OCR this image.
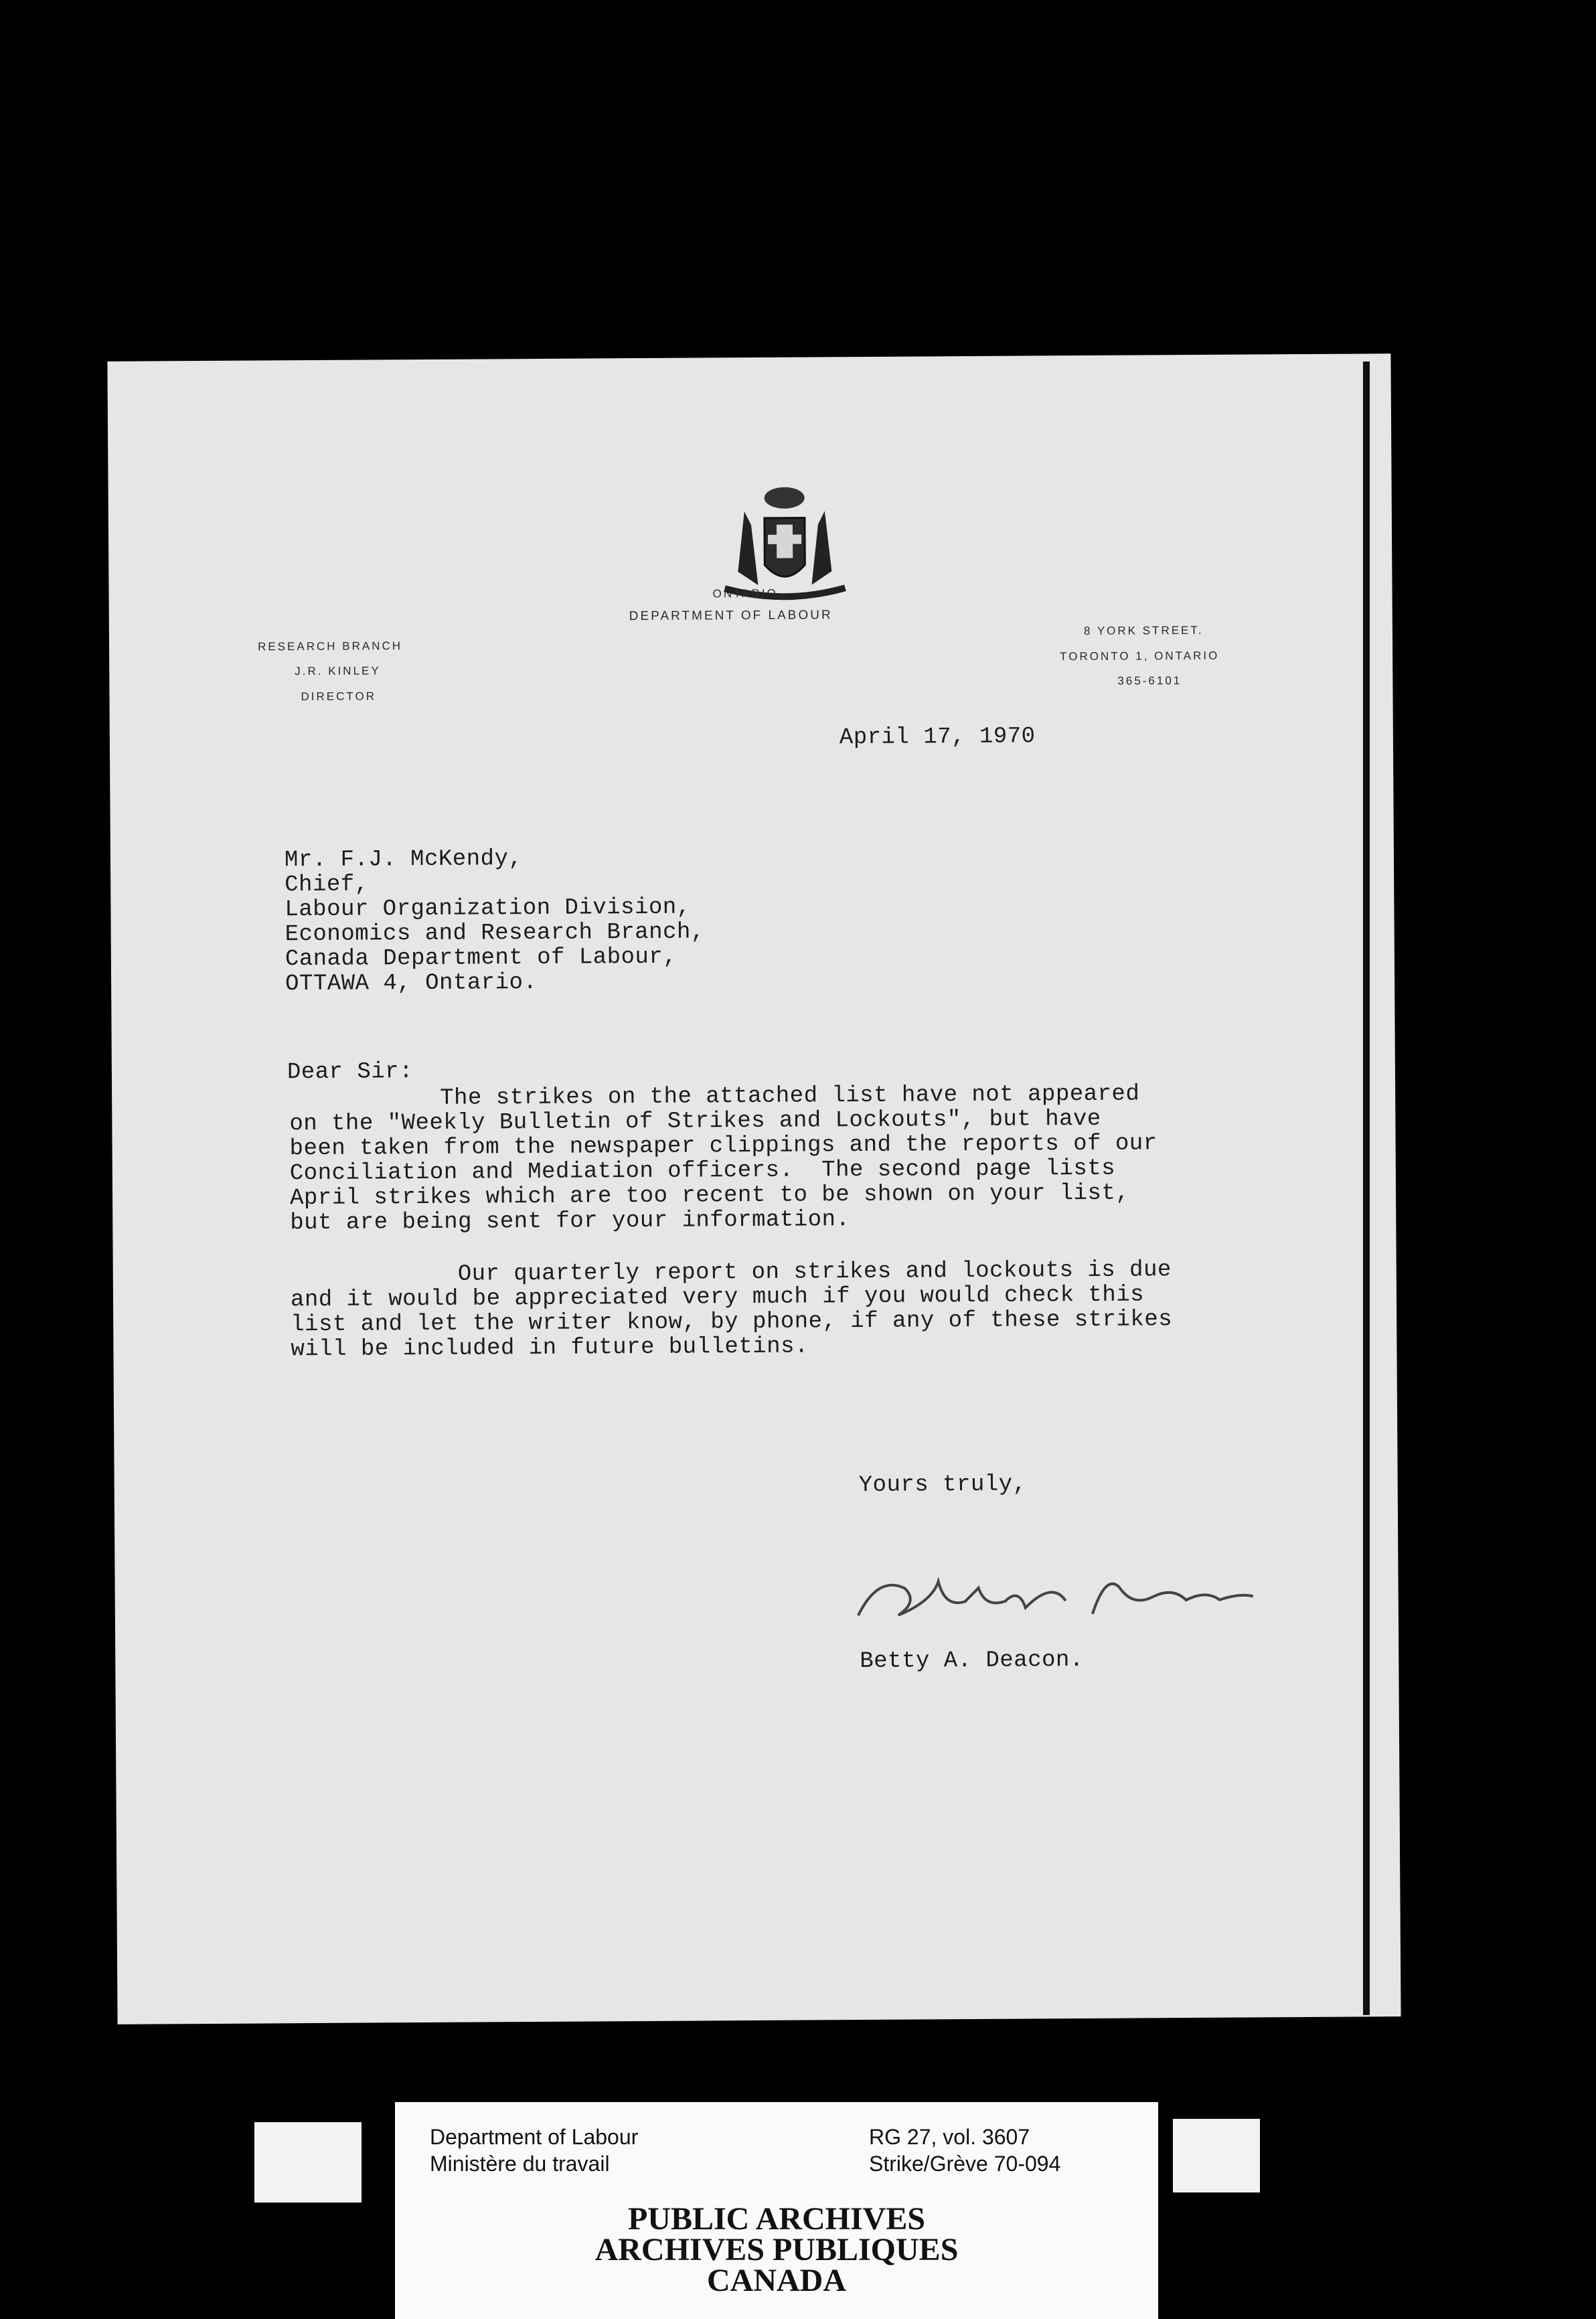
ONTARIO
DEPARTMENT OF LABOUR
RESEARCH BRANCH
J.R. KINLEY
DIRECTOR
8 YORK STREET.
TORONTO 1, ONTARIO
365-6101
April 17, 1970
Mr. F.J. McKendy,
Chief,
Labour Organization Division,
Economics and Research Branch,
Canada Department of Labour,
OTTAWA 4, Ontario.
Dear Sir:
The strikes on the attached list have not appeared
on the "Weekly Bulletin of Strikes and Lockouts", but have
been taken from the newspaper clippings and the reports of our
Conciliation and Mediation officers.  The second page lists
April strikes which are too recent to be shown on your list,
but are being sent for your information.
Our quarterly report on strikes and lockouts is due
and it would be appreciated very much if you would check this
list and let the writer know, by phone, if any of these strikes
will be included in future bulletins.
Yours truly,
Betty A. Deacon.
Department of Labour
Ministère du travail
RG 27, vol. 3607
Strike/Grève 70-094
PUBLIC ARCHIVES
ARCHIVES PUBLIQUES
CANADA
